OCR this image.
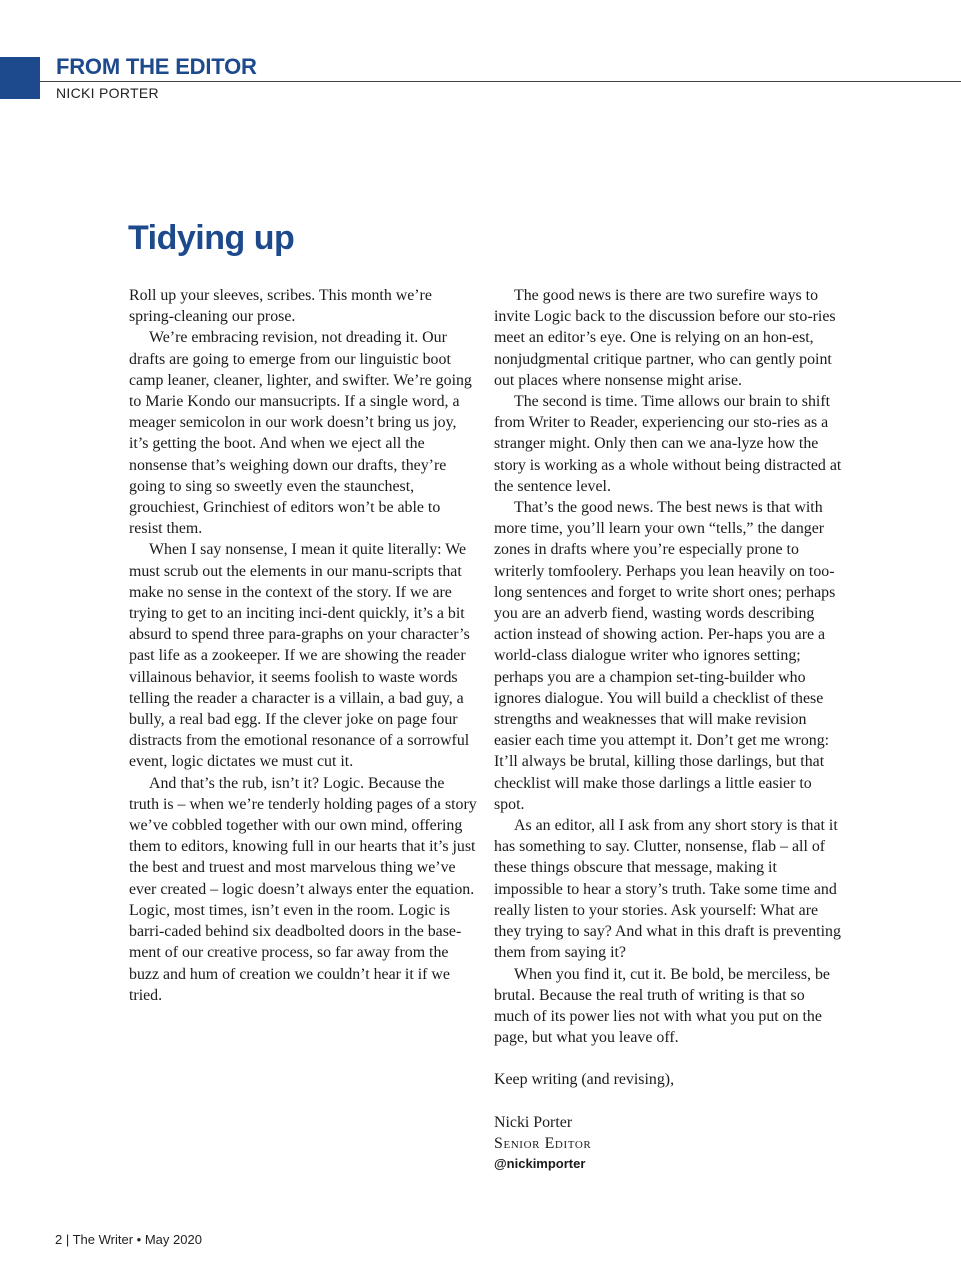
FROM THE EDITOR

NICKI PORTER

Tidying up

Roll up your sleeves, scribes. This month we’re spring-cleaning our prose.

We’re embracing revision, not dreading it. Our drafts are going to emerge from our linguistic boot camp leaner, cleaner, lighter, and swifter. We’re going to Marie Kondo our mansucripts. If a single word, a meager semicolon in our work doesn’t bring us joy, it’s getting the boot. And when we eject all the nonsense that’s weighing down our drafts, they’re going to sing so sweetly even the staunchest, grouchiest, Grinchiest of editors won’t be able to resist them.

When I say nonsense, I mean it quite literally: We must scrub out the elements in our manu-scripts that make no sense in the context of the story. If we are trying to get to an inciting inci-dent quickly, it’s a bit absurd to spend three para-graphs on your character’s past life as a zookeeper. If we are showing the reader villainous behavior, it seems foolish to waste words telling the reader a character is a villain, a bad guy, a bully, a real bad egg. If the clever joke on page four distracts from the emotional resonance of a sorrowful event, logic dictates we must cut it.

And that’s the rub, isn’t it? Logic. Because the truth is – when we’re tenderly holding pages of a story we’ve cobbled together with our own mind, offering them to editors, knowing full in our hearts that it’s just the best and truest and most marvelous thing we’ve ever created – logic doesn’t always enter the equation. Logic, most times, isn’t even in the room. Logic is barri-caded behind six deadbolted doors in the base-ment of our creative process, so far away from the buzz and hum of creation we couldn’t hear it if we tried.

The good news is there are two surefire ways to invite Logic back to the discussion before our sto-ries meet an editor’s eye. One is relying on an hon-est, nonjudgmental critique partner, who can gently point out places where nonsense might arise.

The second is time. Time allows our brain to shift from Writer to Reader, experiencing our sto-ries as a stranger might. Only then can we ana-lyze how the story is working as a whole without being distracted at the sentence level.

That’s the good news. The best news is that with more time, you’ll learn your own “tells,” the danger zones in drafts where you’re especially prone to writerly tomfoolery. Perhaps you lean heavily on too-long sentences and forget to write short ones; perhaps you are an adverb fiend, wasting words describing action instead of showing action. Per-haps you are a world-class dialogue writer who ignores setting; perhaps you are a champion set-ting-builder who ignores dialogue. You will build a checklist of these strengths and weaknesses that will make revision easier each time you attempt it. Don’t get me wrong: It’ll always be brutal, killing those darlings, but that checklist will make those darlings a little easier to spot.

As an editor, all I ask from any short story is that it has something to say. Clutter, nonsense, flab – all of these things obscure that message, making it impossible to hear a story’s truth. Take some time and really listen to your stories. Ask yourself: What are they trying to say? And what in this draft is preventing them from saying it?

When you find it, cut it. Be bold, be merciless, be brutal. Because the real truth of writing is that so much of its power lies not with what you put on the page, but what you leave off.

Keep writing (and revising),

Nicki Porter

Senior Editor

@nickimporter

2 | The Writer • May 2020
